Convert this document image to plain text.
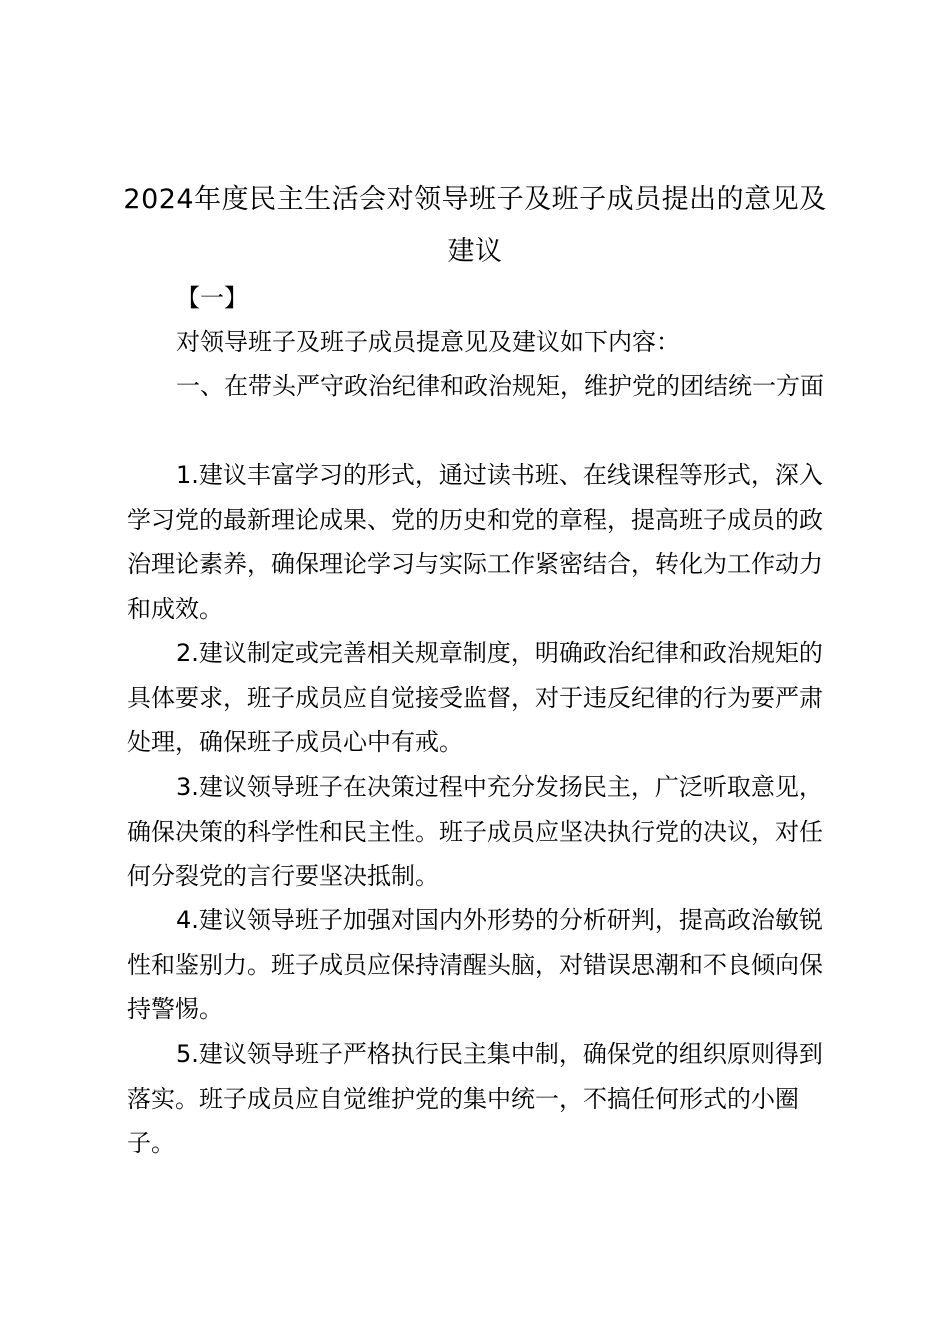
2024年度民主生活会对领导班子及班子成员提出的意见及建议
【一】

对领导班子及班子成员提意见及建议如下内容：

一、在带头严守政治纪律和政治规矩，维护党的团结统一方面

1.建议丰富学习的形式，通过读书班、在线课程等形式，深入学习党的最新理论成果、党的历史和党的章程，提高班子成员的政治理论素养，确保理论学习与实际工作紧密结合，转化为工作动力和成效。

2.建议制定或完善相关规章制度，明确政治纪律和政治规矩的具体要求，班子成员应自觉接受监督，对于违反纪律的行为要严肃处理，确保班子成员心中有戒。

3.建议领导班子在决策过程中充分发扬民主，广泛听取意见，确保决策的科学性和民主性。班子成员应坚决执行党的决议，对任何分裂党的言行要坚决抵制。

4.建议领导班子加强对国内外形势的分析研判，提高政治敏锐性和鉴别力。班子成员应保持清醒头脑，对错误思潮和不良倾向保持警惕。

5.建议领导班子严格执行民主集中制，确保党的组织原则得到落实。班子成员应自觉维护党的集中统一，不搞任何形式的小圈子。
